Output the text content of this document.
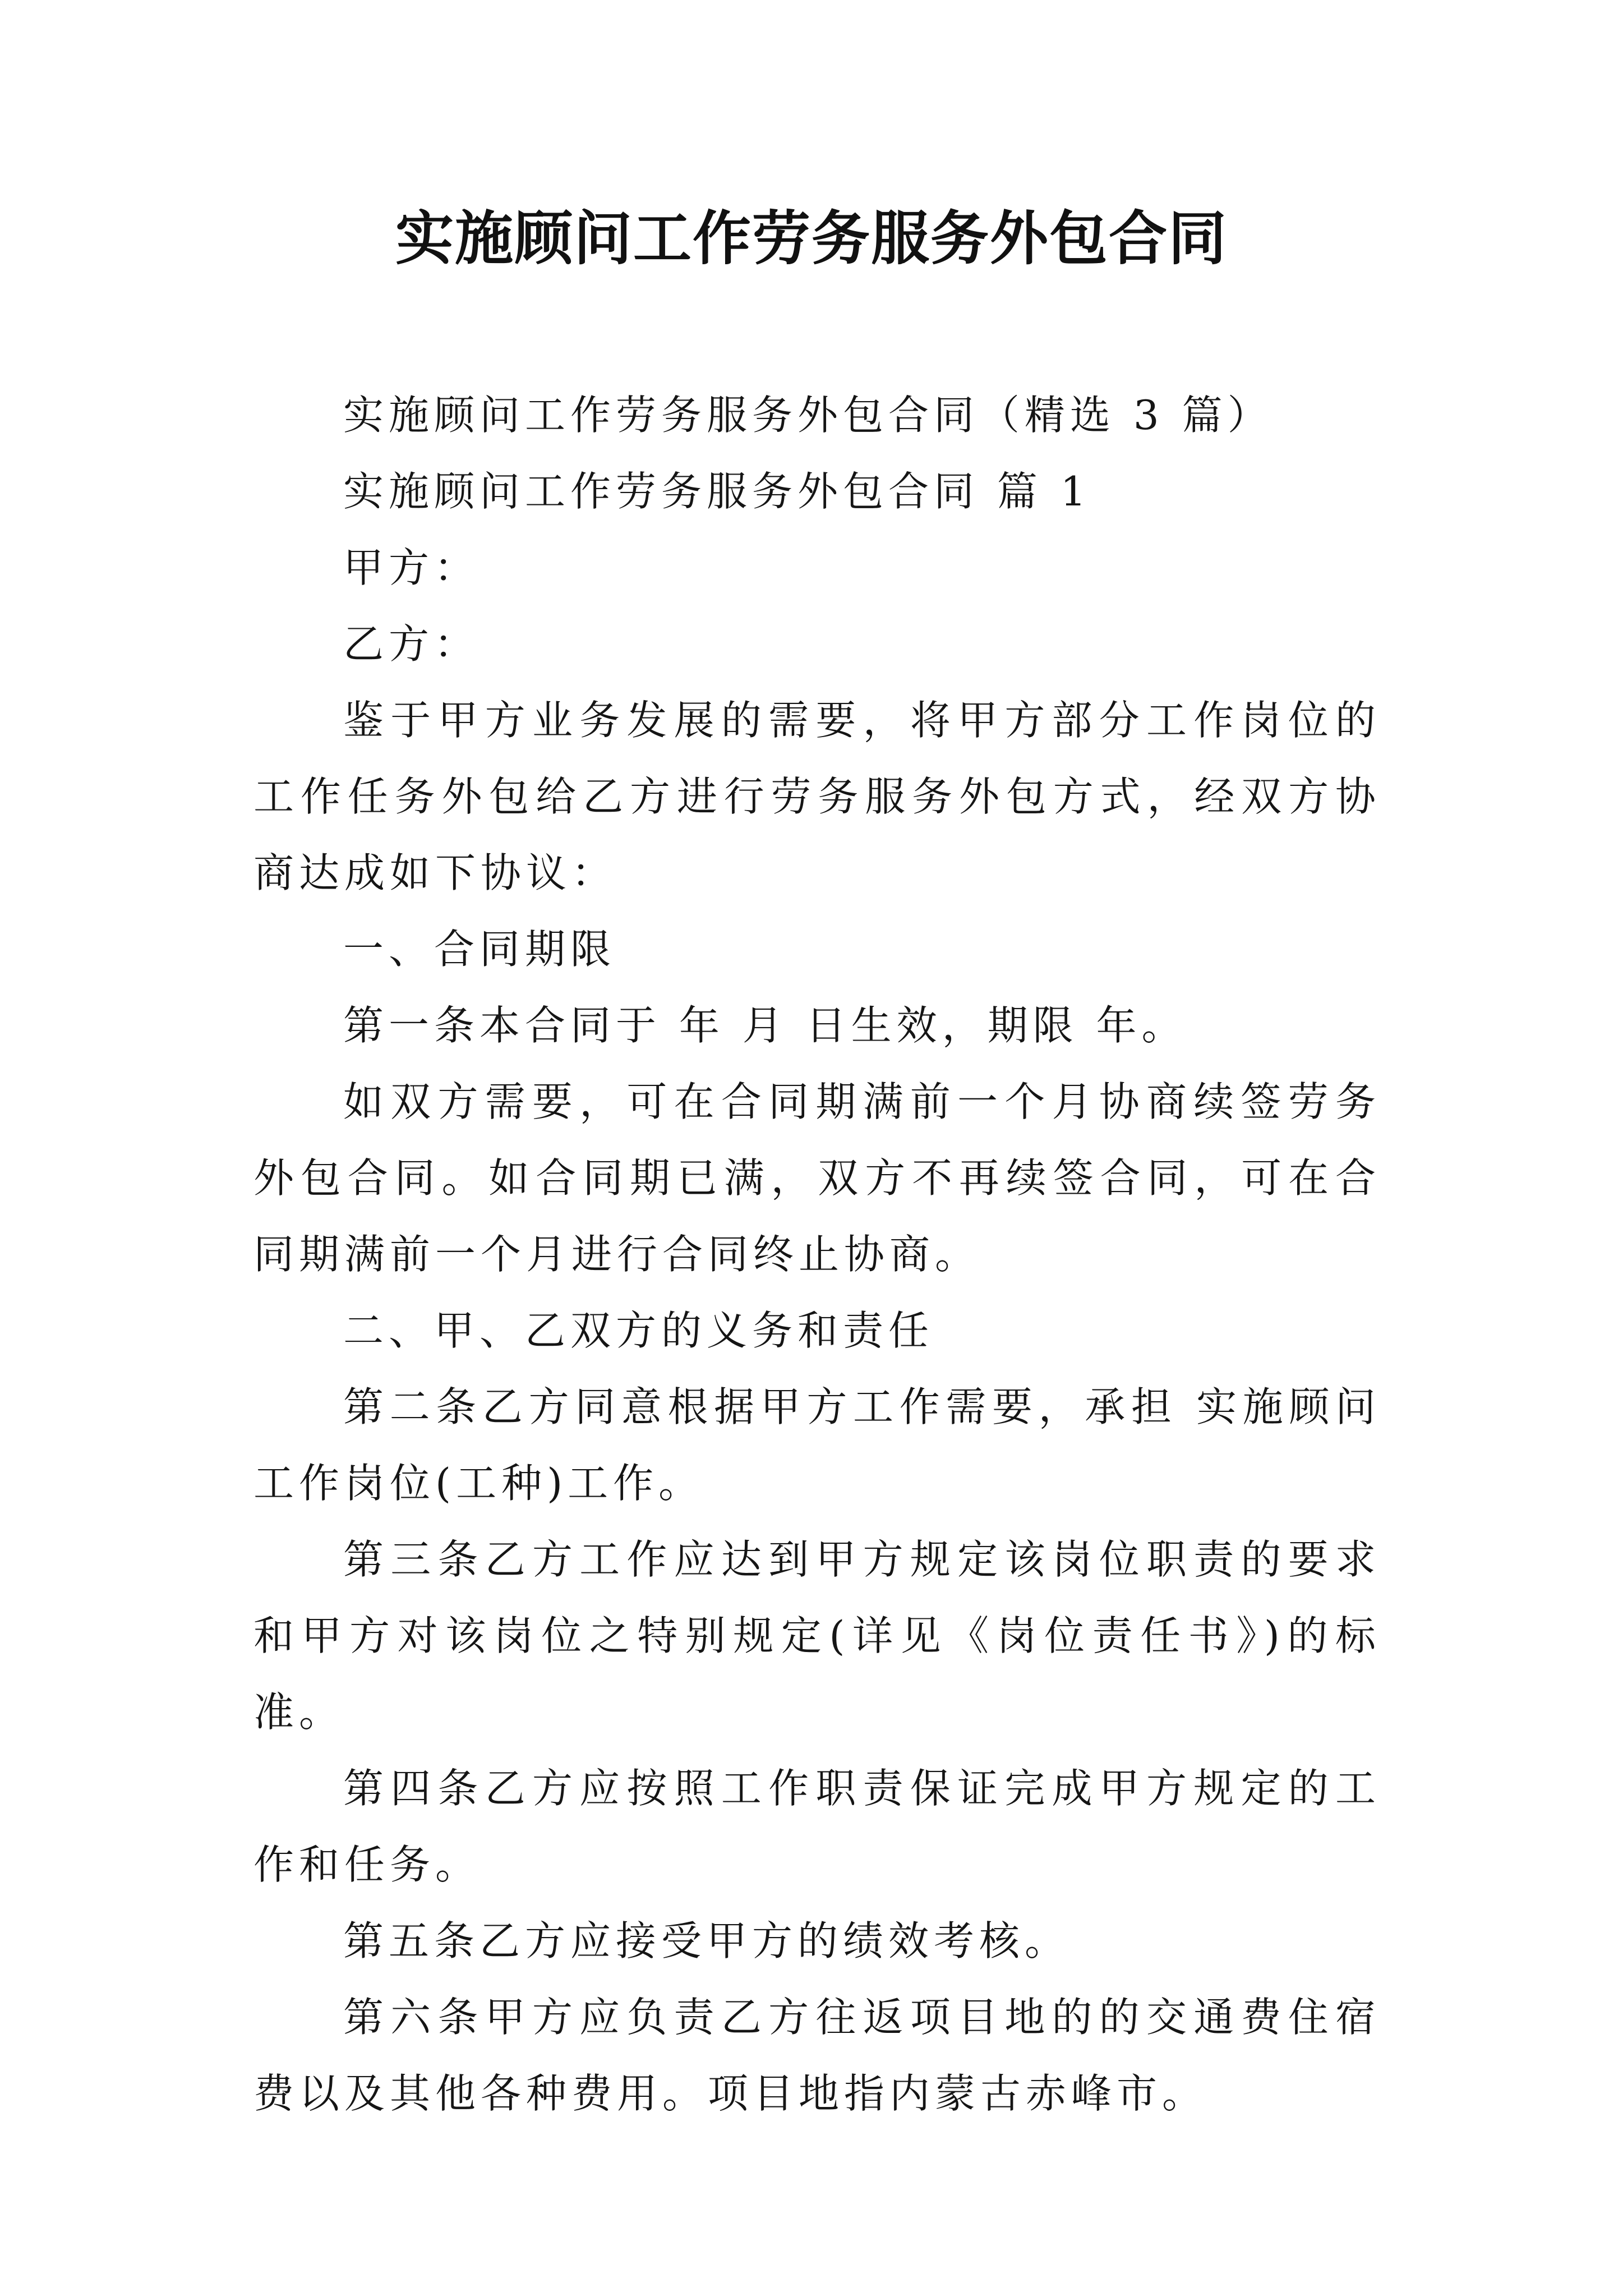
实施顾问工作劳务服务外包合同

实施顾问工作劳务服务外包合同（精选 3 篇）

实施顾问工作劳务服务外包合同 篇 1

甲方：

乙方：

鉴于甲方业务发展的需要，将甲方部分工作岗位的工作任务外包给乙方进行劳务服务外包方式，经双方协商达成如下协议：

一、合同期限

第一条本合同于 年 月 日生效，期限 年。

如双方需要，可在合同期满前一个月协商续签劳务外包合同。如合同期已满，双方不再续签合同，可在合同期满前一个月进行合同终止协商。

二、甲、乙双方的义务和责任

第二条乙方同意根据甲方工作需要，承担 实施顾问工作岗位(工种)工作。

第三条乙方工作应达到甲方规定该岗位职责的要求和甲方对该岗位之特别规定(详见《岗位责任书》)的标准。

第四条乙方应按照工作职责保证完成甲方规定的工作和任务。

第五条乙方应接受甲方的绩效考核。

第六条甲方应负责乙方往返项目地的的交通费住宿费以及其他各种费用。项目地指内蒙古赤峰市。
